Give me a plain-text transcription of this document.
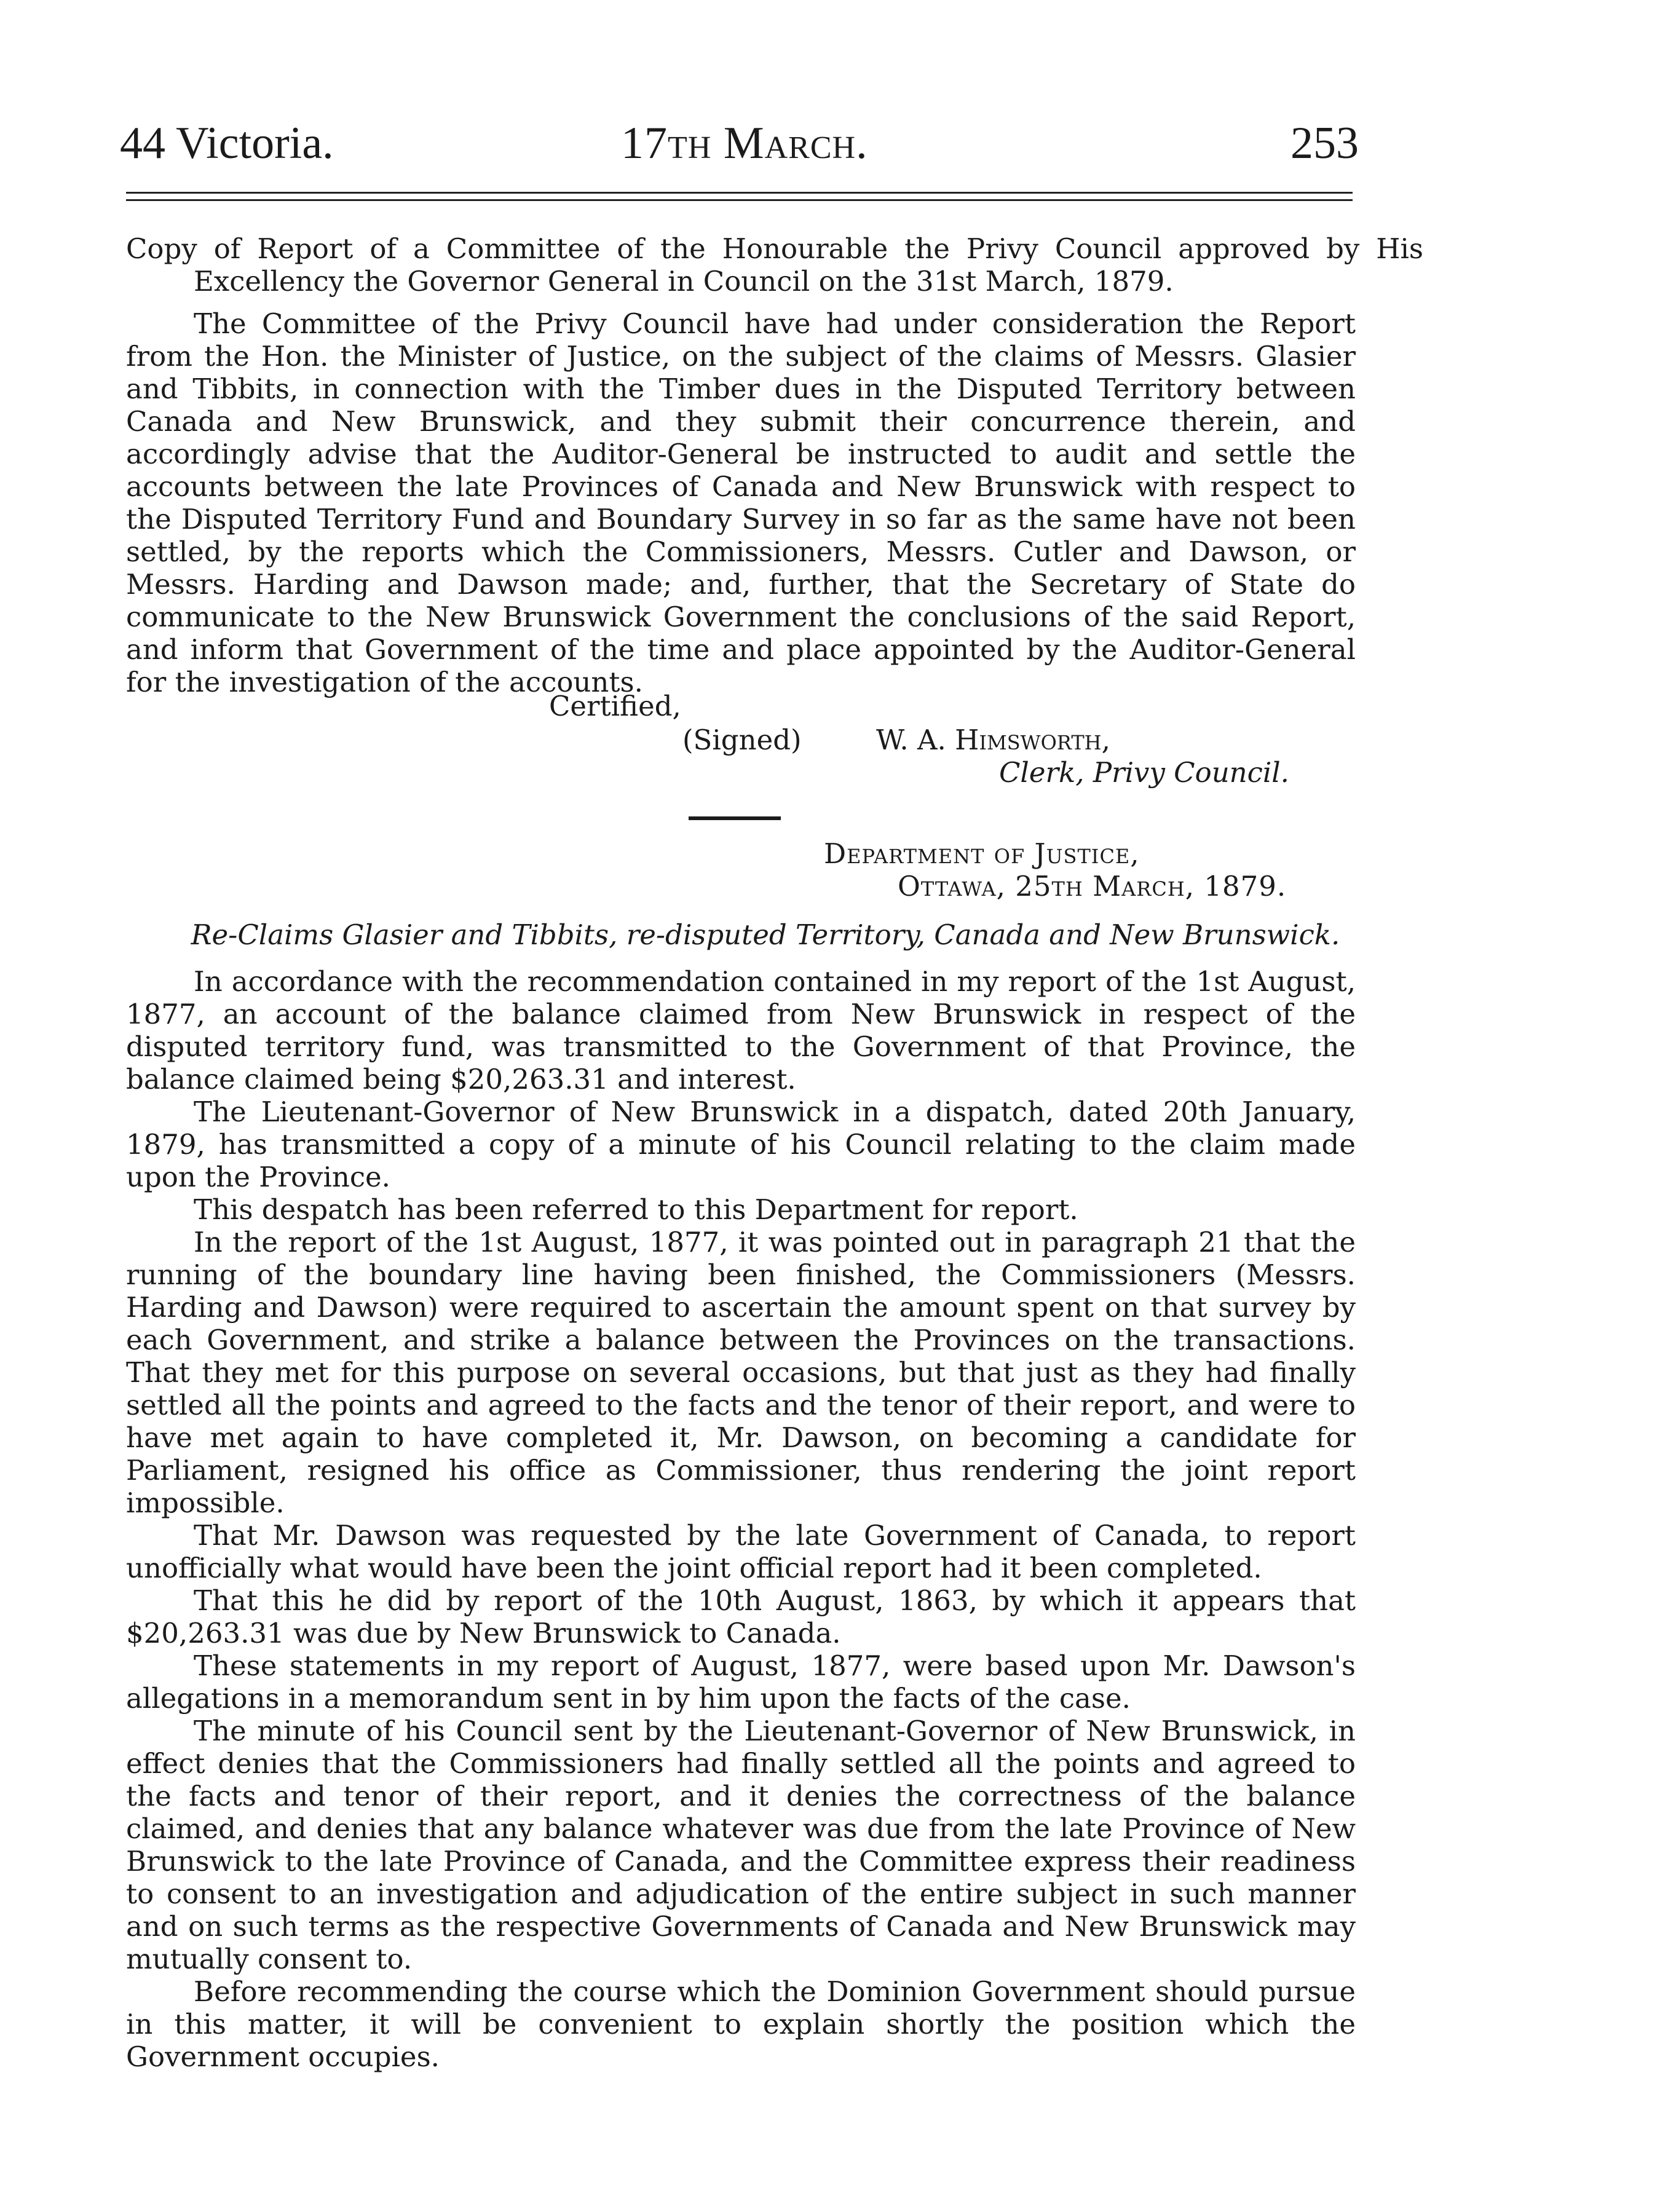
44 Victoria.	17th March.	253

Copy of Report of a Committee of the Honourable the Privy Council approved by His Excellency the Governor General in Council on the 31st March, 1879.

The Committee of the Privy Council have had under consideration the Report from the Hon. the Minister of Justice, on the subject of the claims of Messrs. Glasier and Tibbits, in connection with the Timber dues in the Disputed Territory between Canada and New Brunswick, and they submit their concurrence therein, and accordingly advise that the Auditor-General be instructed to audit and settle the accounts between the late Provinces of Canada and New Brunswick with respect to the Disputed Territory Fund and Boundary Survey in so far as the same have not been settled, by the reports which the Commissioners, Messrs. Cutler and Dawson, or Messrs. Harding and Dawson made; and, further, that the Secretary of State do communicate to the New Brunswick Government the conclusions of the said Report, and inform that Government of the time and place appointed by the Auditor-General for the investigation of the accounts.

Certified,
(Signed)	W. A. Himsworth,
Clerk, Privy Council.
Department of Justice,
Ottawa, 25th March, 1879.
Re-Claims Glasier and Tibbits, re-disputed Territory, Canada and New Brunswick.

In accordance with the recommendation contained in my report of the 1st August, 1877, an account of the balance claimed from New Brunswick in respect of the disputed territory fund, was transmitted to the Government of that Province, the balance claimed being $20,263.31 and interest.

The Lieutenant-Governor of New Brunswick in a dispatch, dated 20th January, 1879, has transmitted a copy of a minute of his Council relating to the claim made upon the Province.

This despatch has been referred to this Department for report.

In the report of the 1st August, 1877, it was pointed out in paragraph 21 that the running of the boundary line having been finished, the Commissioners (Messrs. Harding and Dawson) were required to ascertain the amount spent on that survey by each Government, and strike a balance between the Provinces on the transactions. That they met for this purpose on several occasions, but that just as they had finally settled all the points and agreed to the facts and the tenor of their report, and were to have met again to have completed it, Mr. Dawson, on becoming a candidate for Parliament, resigned his office as Commissioner, thus rendering the joint report impossible.

That Mr. Dawson was requested by the late Government of Canada, to report unofficially what would have been the joint official report had it been completed.

That this he did by report of the 10th August, 1863, by which it appears that $20,263.31 was due by New Brunswick to Canada.

These statements in my report of August, 1877, were based upon Mr. Dawson's allegations in a memorandum sent in by him upon the facts of the case.

The minute of his Council sent by the Lieutenant-Governor of New Brunswick, in effect denies that the Commissioners had finally settled all the points and agreed to the facts and tenor of their report, and it denies the correctness of the balance claimed, and denies that any balance whatever was due from the late Province of New Brunswick to the late Province of Canada, and the Committee express their readiness to consent to an investigation and adjudication of the entire subject in such manner and on such terms as the respective Governments of Canada and New Brunswick may mutually consent to.

Before recommending the course which the Dominion Government should pursue in this matter, it will be convenient to explain shortly the position which the Government occupies.
